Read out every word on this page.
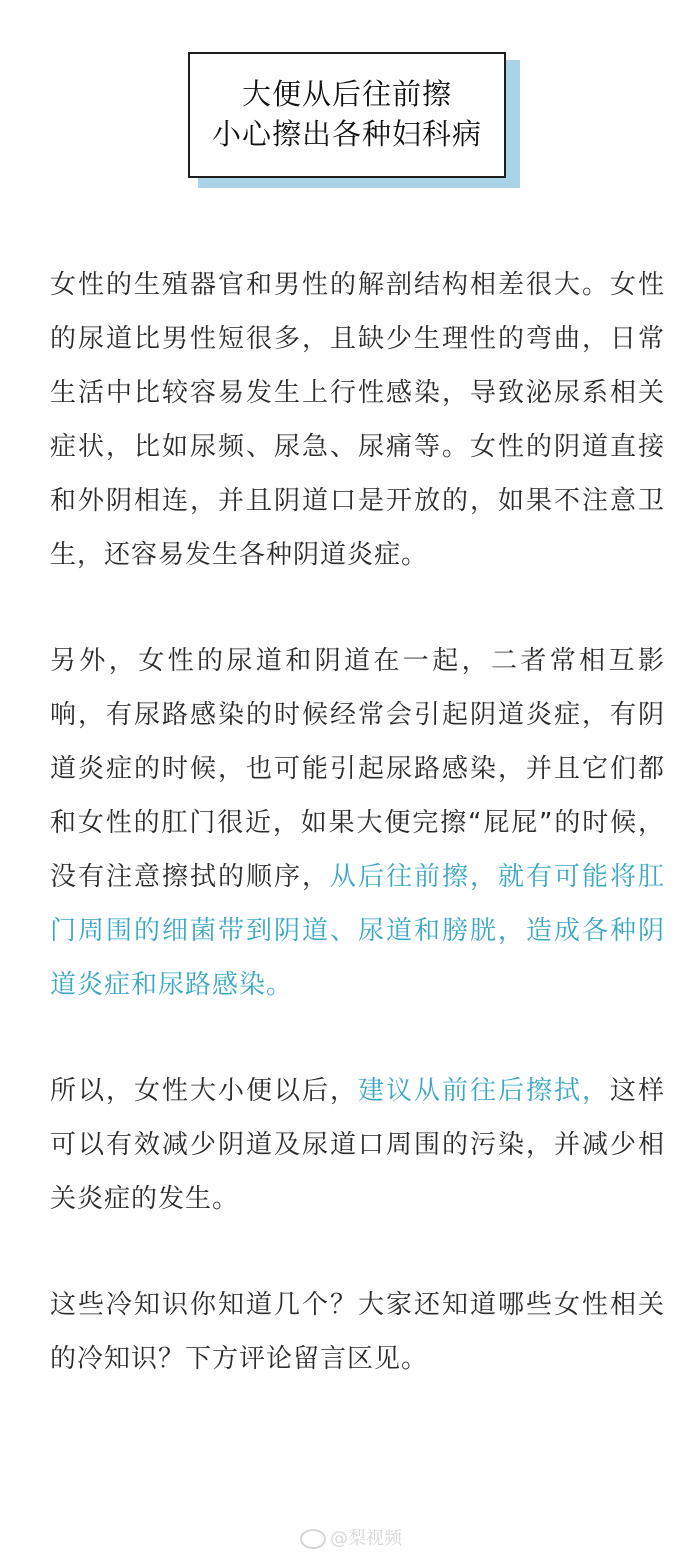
大便从后往前擦
小心擦出各种妇科病

女性的生殖器官和男性的解剖结构相差很大。女性的尿道比男性短很多，且缺少生理性的弯曲，日常生活中比较容易发生上行性感染，导致泌尿系相关症状，比如尿频、尿急、尿痛等。女性的阴道直接和外阴相连，并且阴道口是开放的，如果不注意卫生，还容易发生各种阴道炎症。

另外，女性的尿道和阴道在一起，二者常相互影响，有尿路感染的时候经常会引起阴道炎症，有阴道炎症的时候，也可能引起尿路感染，并且它们都和女性的肛门很近，如果大便完擦“屁屁”的时候，没有注意擦拭的顺序，从后往前擦，就有可能将肛门周围的细菌带到阴道、尿道和膀胱，造成各种阴道炎症和尿路感染。

所以，女性大小便以后，建议从前往后擦拭，这样可以有效减少阴道及尿道口周围的污染，并减少相关炎症的发生。

这些冷知识你知道几个？大家还知道哪些女性相关的冷知识？下方评论留言区见。

@梨视频
